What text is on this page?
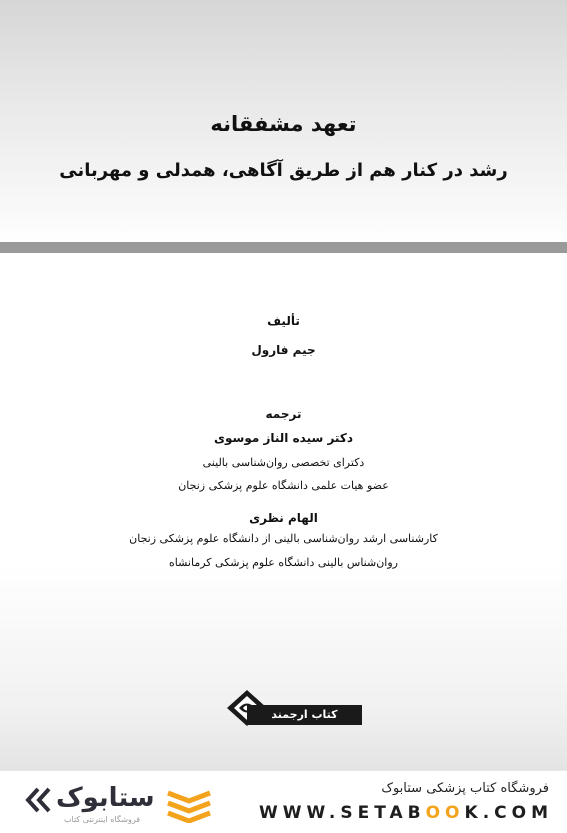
تعهد مشفقانه
رشد در کنار هم از طریق آگاهی، همدلی و مهربانی
تألیف
جیم فارول
ترجمه
دکتر سیده الناز موسوی
دکترای تخصصی روان‌شناسی بالینی
عضو هیات علمی دانشگاه علوم پزشکی زنجان
الهام نظری
کارشناسی ارشد روان‌شناسی بالینی از دانشگاه علوم پزشکی زنجان
روان‌شناس بالینی دانشگاه علوم پزشکی کرمانشاه
کتاب ارجمند
ستابوک
فروشگاه اینترنتی کتاب
فروشگاه کتاب پزشکی ستابوک
WWW.SETABOOK.COM
